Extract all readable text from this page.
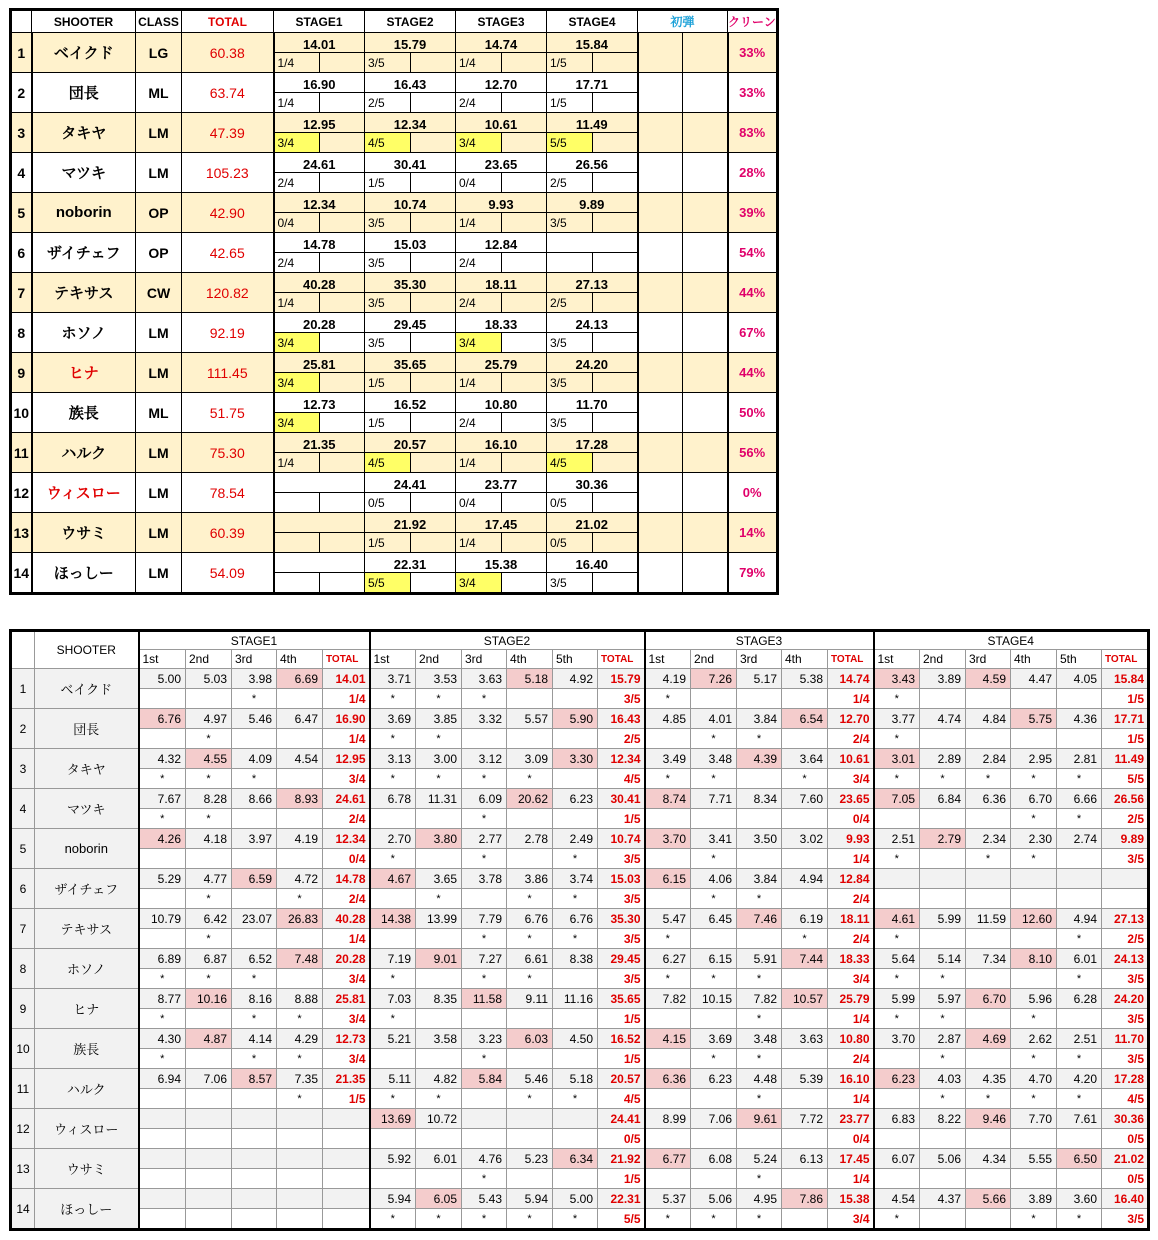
	SHOOTER	CLASS	TOTAL	STAGE1		STAGE2		STAGE3		STAGE4		初弾		クリーン
1	ベイクド	LG	60.38	14.01		15.79		14.74		15.84				33%
				1/4		3/5		1/4		1/5				
2	団長	ML	63.74	16.90		16.43		12.70		17.71				33%
				1/4		2/5		2/4		1/5				
3	タキヤ	LM	47.39	12.95		12.34		10.61		11.49				83%
				3/4		4/5		3/4		5/5				
4	マツキ	LM	105.23	24.61		30.41		23.65		26.56				28%
				2/4		1/5		0/4		2/5				
5	noborin	OP	42.90	12.34		10.74		9.93		9.89				39%
				0/4		3/5		1/4		3/5				
6	ザイチェフ	OP	42.65	14.78		15.03		12.84						54%
				2/4		3/5		2/4						
7	テキサス	CW	120.82	40.28		35.30		18.11		27.13				44%
				1/4		3/5		2/4		2/5				
8	ホソノ	LM	92.19	20.28		29.45		18.33		24.13				67%
				3/4		3/5		3/4		3/5				
9	ヒナ	LM	111.45	25.81		35.65		25.79		24.20				44%
				3/4		1/5		1/4		3/5				
10	族長	ML	51.75	12.73		16.52		10.80		11.70				50%
				3/4		1/5		2/4		3/5				
11	ハルク	LM	75.30	21.35		20.57		16.10		17.28				56%
				1/4		4/5		1/4		4/5				
12	ウィスロー	LM	78.54			24.41		23.77		30.36				0%
						0/5		0/4		0/5				
13	ウサミ	LM	60.39			21.92		17.45		21.02				14%
						1/5		1/4		0/5				
14	ほっしー	LM	54.09			22.31		15.38		16.40				79%
						5/5		3/4		3/5				
	SHOOTER	STAGE1					STAGE2						STAGE3					STAGE4					
		1st	2nd	3rd	4th	TOTAL	1st	2nd	3rd	4th	5th	TOTAL	1st	2nd	3rd	4th	TOTAL	1st	2nd	3rd	4th	5th	TOTAL
1	ベイクド	5.00	5.03	3.98	6.69	14.01	3.71	3.53	3.63	5.18	4.92	15.79	4.19	7.26	5.17	5.38	14.74	3.43	3.89	4.59	4.47	4.05	15.84
				*		1/4	*	*	*			3/5	*				1/4	*					1/5
2	団長	6.76	4.97	5.46	6.47	16.90	3.69	3.85	3.32	5.57	5.90	16.43	4.85	4.01	3.84	6.54	12.70	3.77	4.74	4.84	5.75	4.36	17.71
			*			1/4	*	*				2/5		*	*		2/4	*					1/5
3	タキヤ	4.32	4.55	4.09	4.54	12.95	3.13	3.00	3.12	3.09	3.30	12.34	3.49	3.48	4.39	3.64	10.61	3.01	2.89	2.84	2.95	2.81	11.49
		*	*	*		3/4	*	*	*	*		4/5	*	*		*	3/4	*	*	*	*	*	5/5
4	マツキ	7.67	8.28	8.66	8.93	24.61	6.78	11.31	6.09	20.62	6.23	30.41	8.74	7.71	8.34	7.60	23.65	7.05	6.84	6.36	6.70	6.66	26.56
		*	*			2/4			*			1/5					0/4				*	*	2/5
5	noborin	4.26	4.18	3.97	4.19	12.34	2.70	3.80	2.77	2.78	2.49	10.74	3.70	3.41	3.50	3.02	9.93	2.51	2.79	2.34	2.30	2.74	9.89
						0/4	*		*		*	3/5		*			1/4	*		*	*		3/5
6	ザイチェフ	5.29	4.77	6.59	4.72	14.78	4.67	3.65	3.78	3.86	3.74	15.03	6.15	4.06	3.84	4.94	12.84						
			*		*	2/4		*		*	*	3/5		*	*		2/4						
7	テキサス	10.79	6.42	23.07	26.83	40.28	14.38	13.99	7.79	6.76	6.76	35.30	5.47	6.45	7.46	6.19	18.11	4.61	5.99	11.59	12.60	4.94	27.13
			*			1/4			*	*	*	3/5	*			*	2/4	*				*	2/5
8	ホソノ	6.89	6.87	6.52	7.48	20.28	7.19	9.01	7.27	6.61	8.38	29.45	6.27	6.15	5.91	7.44	18.33	5.64	5.14	7.34	8.10	6.01	24.13
		*	*	*		3/4	*		*	*		3/5	*	*	*		3/4	*	*			*	3/5
9	ヒナ	8.77	10.16	8.16	8.88	25.81	7.03	8.35	11.58	9.11	11.16	35.65	7.82	10.15	7.82	10.57	25.79	5.99	5.97	6.70	5.96	6.28	24.20
		*		*	*	3/4	*					1/5			*		1/4	*	*		*		3/5
10	族長	4.30	4.87	4.14	4.29	12.73	5.21	3.58	3.23	6.03	4.50	16.52	4.15	3.69	3.48	3.63	10.80	3.70	2.87	4.69	2.62	2.51	11.70
		*		*	*	3/4			*			1/5		*	*		2/4		*		*	*	3/5
11	ハルク	6.94	7.06	8.57	7.35	21.35	5.11	4.82	5.84	5.46	5.18	20.57	6.36	6.23	4.48	5.39	16.10	6.23	4.03	4.35	4.70	4.20	17.28
					*	1/5	*	*		*	*	4/5			*		1/4		*	*	*	*	4/5
12	ウィスロー						13.69	10.72				24.41	8.99	7.06	9.61	7.72	23.77	6.83	8.22	9.46	7.70	7.61	30.36
												0/5					0/4						0/5
13	ウサミ						5.92	6.01	4.76	5.23	6.34	21.92	6.77	6.08	5.24	6.13	17.45	6.07	5.06	4.34	5.55	6.50	21.02
									*			1/5			*		1/4						0/5
14	ほっしー						5.94	6.05	5.43	5.94	5.00	22.31	5.37	5.06	4.95	7.86	15.38	4.54	4.37	5.66	3.89	3.60	16.40
							*	*	*	*	*	5/5	*	*	*		3/4	*			*	*	3/5
